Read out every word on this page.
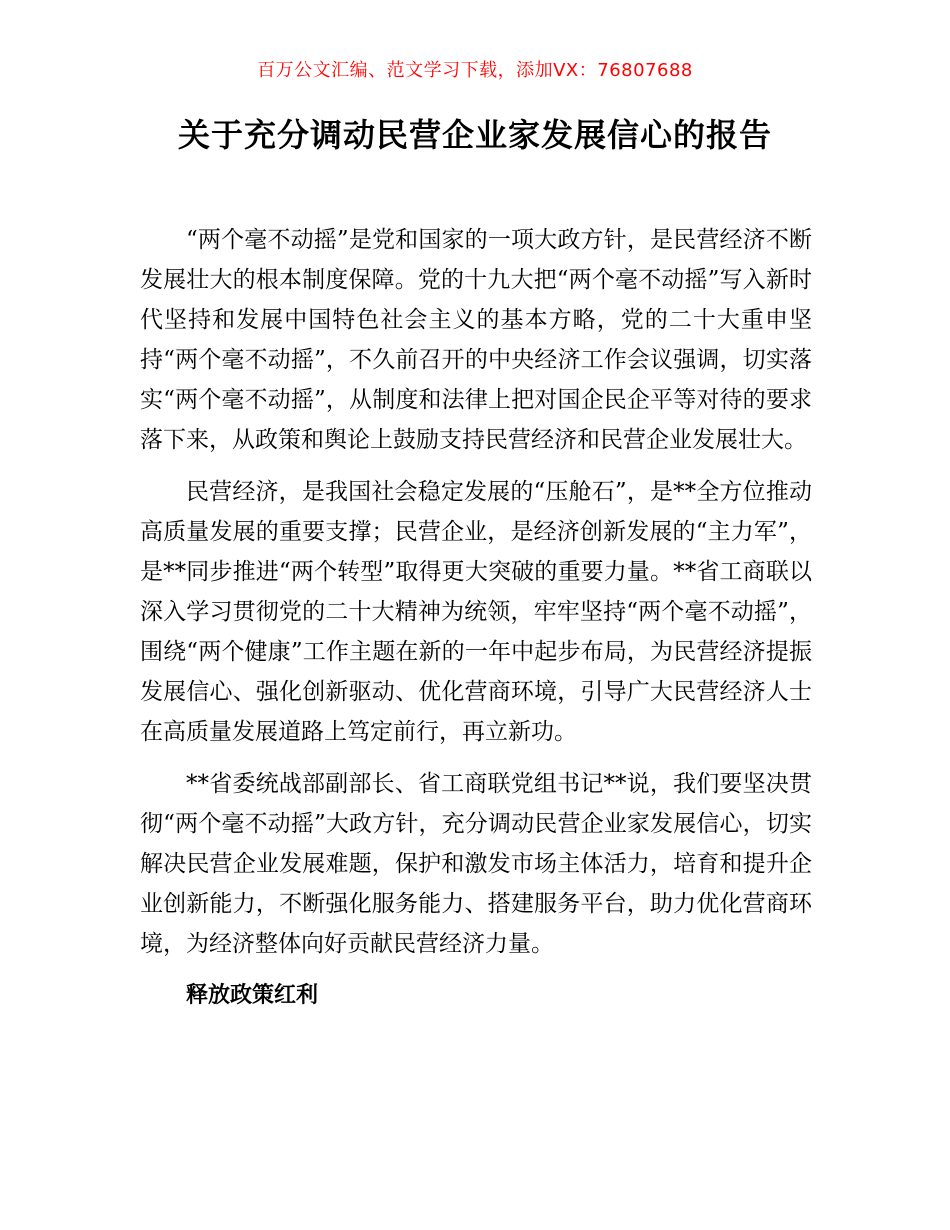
百万公文汇编、范文学习下载，添加VX：76807688
关于充分调动民营企业家发展信心的报告

“两个毫不动摇”是党和国家的一项大政方针，是民营经济不断发展壮大的根本制度保障。党的十九大把“两个毫不动摇”写入新时代坚持和发展中国特色社会主义的基本方略，党的二十大重申坚持“两个毫不动摇”，不久前召开的中央经济工作会议强调，切实落实“两个毫不动摇”，从制度和法律上把对国企民企平等对待的要求落下来，从政策和舆论上鼓励支持民营经济和民营企业发展壮大。

民营经济，是我国社会稳定发展的“压舱石”，是**全方位推动高质量发展的重要支撑；民营企业，是经济创新发展的“主力军”，是**同步推进“两个转型”取得更大突破的重要力量。**省工商联以深入学习贯彻党的二十大精神为统领，牢牢坚持“两个毫不动摇”，围绕“两个健康”工作主题在新的一年中起步布局，为民营经济提振发展信心、强化创新驱动、优化营商环境，引导广大民营经济人士在高质量发展道路上笃定前行，再立新功。

**省委统战部副部长、省工商联党组书记**说，我们要坚决贯彻“两个毫不动摇”大政方针，充分调动民营企业家发展信心，切实解决民营企业发展难题，保护和激发市场主体活力，培育和提升企业创新能力，不断强化服务能力、搭建服务平台，助力优化营商环境，为经济整体向好贡献民营经济力量。

释放政策红利
